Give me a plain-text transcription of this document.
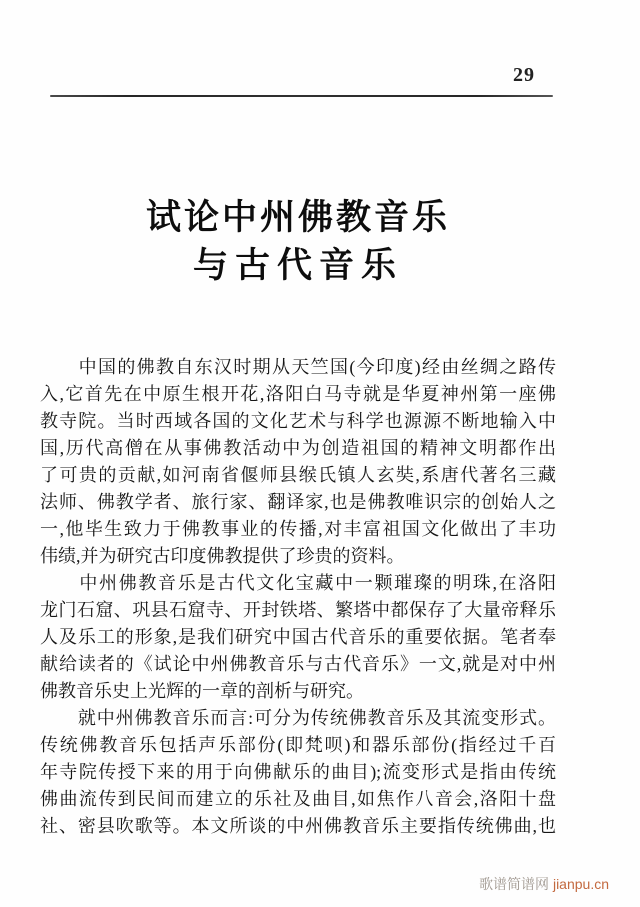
29
试论中州佛教音乐
与古代音乐
　　中国的佛教自东汉时期从天竺国(今印度)经由丝绸之路传
入,它首先在中原生根开花,洛阳白马寺就是华夏神州第一座佛
教寺院。当时西域各国的文化艺术与科学也源源不断地输入中
国,历代高僧在从事佛教活动中为创造祖国的精神文明都作出
了可贵的贡献,如河南省偃师县缑氏镇人玄奘,系唐代著名三藏
法师、佛教学者、旅行家、翻译家,也是佛教唯识宗的创始人之
一,他毕生致力于佛教事业的传播,对丰富祖国文化做出了丰功
伟绩,并为研究古印度佛教提供了珍贵的资料。
　　中州佛教音乐是古代文化宝藏中一颗璀璨的明珠,在洛阳
龙门石窟、巩县石窟寺、开封铁塔、繁塔中都保存了大量帝释乐
人及乐工的形象,是我们研究中国古代音乐的重要依据。笔者奉
献给读者的《试论中州佛教音乐与古代音乐》一文,就是对中州
佛教音乐史上光辉的一章的剖析与研究。
　　就中州佛教音乐而言:可分为传统佛教音乐及其流变形式。
传统佛教音乐包括声乐部份(即梵呗)和器乐部份(指经过千百
年寺院传授下来的用于向佛献乐的曲目);流变形式是指由传统
佛曲流传到民间而建立的乐社及曲目,如焦作八音会,洛阳十盘
社、密县吹歌等。本文所谈的中州佛教音乐主要指传统佛曲,也
歌谱简谱网 jianpu.cn
